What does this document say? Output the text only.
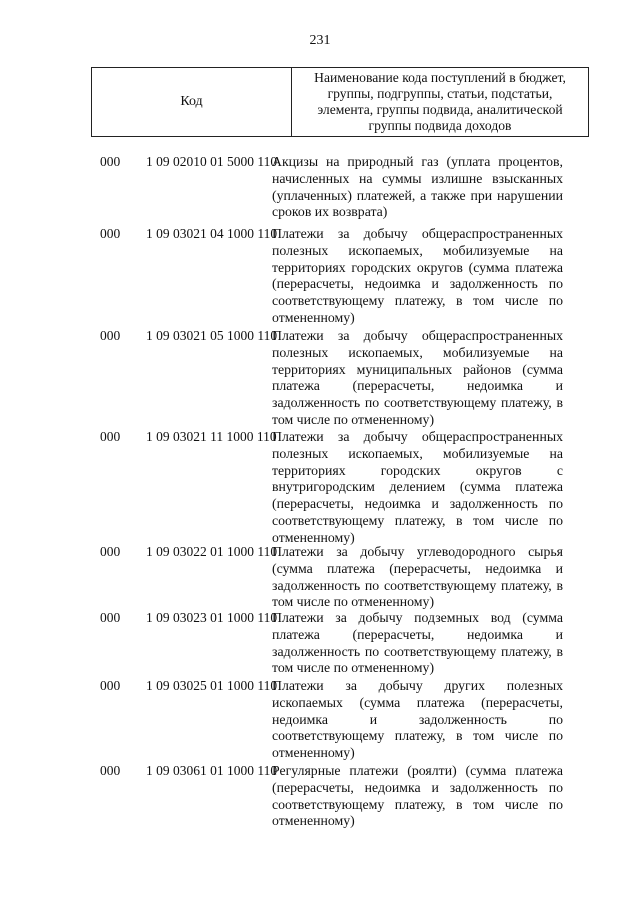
231
Код
Наименование кода поступлений в бюджет, группы, подгруппы, статьи, подстатьи, элемента, группы подвида, аналитической группы подвида доходов
000 1 09 02010 01 5000 110
Акцизы на природный газ (уплата процентов, начисленных на суммы излишне взысканных (уплаченных) платежей, а также при нарушении сроков их возврата)
000 1 09 03021 04 1000 110
Платежи за добычу общераспространенных полезных ископаемых, мобилизуемые на территориях городских округов (сумма платежа (перерасчеты, недоимка и задолженность по соответствующему платежу, в том числе по отмененному)
000 1 09 03021 05 1000 110
Платежи за добычу общераспространенных полезных ископаемых, мобилизуемые на территориях муниципальных районов (сумма платежа (перерасчеты, недоимка и задолженность по соответствующему платежу, в том числе по отмененному)
000 1 09 03021 11 1000 110
Платежи за добычу общераспространенных полезных ископаемых, мобилизуемые на территориях городских округов с внутригородским делением (сумма платежа (перерасчеты, недоимка и задолженность по соответствующему платежу, в том числе по отмененному)
000 1 09 03022 01 1000 110
Платежи за добычу углеводородного сырья (сумма платежа (перерасчеты, недоимка и задолженность по соответствующему платежу, в том числе по отмененному)
000 1 09 03023 01 1000 110
Платежи за добычу подземных вод (сумма платежа (перерасчеты, недоимка и задолженность по соответствующему платежу, в том числе по отмененному)
000 1 09 03025 01 1000 110
Платежи за добычу других полезных ископаемых (сумма платежа (перерасчеты, недоимка и задолженность по соответствующему платежу, в том числе по отмененному)
000 1 09 03061 01 1000 110
Регулярные платежи (роялти) (сумма платежа (перерасчеты, недоимка и задолженность по соответствующему платежу, в том числе по отмененному)
